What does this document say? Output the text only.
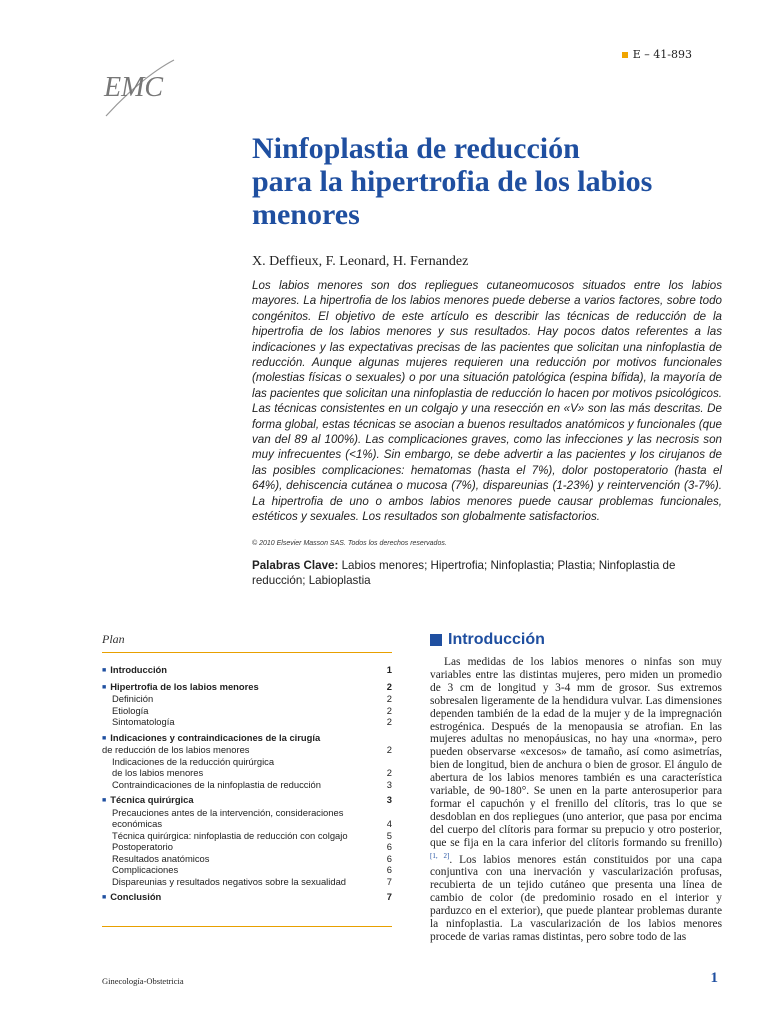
E – 41-893
EMC
Ninfoplastia de reducción
para la hipertrofia de los labios
menores
X. Deffieux, F. Leonard, H. Fernandez
Los labios menores son dos repliegues cutaneomucosos situados entre los labios mayores. La hipertrofia de los labios menores puede deberse a varios factores, sobre todo congénitos. El objetivo de este artículo es describir las técnicas de reducción de la hipertrofia de los labios menores y sus resultados. Hay pocos datos referentes a las indicaciones y las expectativas precisas de las pacientes que solicitan una ninfoplastia de reducción. Aunque algunas mujeres requieren una reducción por motivos funcionales (molestias físicas o sexuales) o por una situación patológica (espina bífida), la mayoría de las pacientes que solicitan una ninfoplastia de reducción lo hacen por motivos psicológicos. Las técnicas consistentes en un colgajo y una resección en «V» son las más descritas. De forma global, estas técnicas se asocian a buenos resultados anatómicos y funcionales (que van del 89 al 100%). Las complicaciones graves, como las infecciones y las necrosis son muy infrecuentes (<1%). Sin embargo, se debe advertir a las pacientes y los cirujanos de las posibles complicaciones: hematomas (hasta el 7%), dolor postoperatorio (hasta el 64%), dehiscencia cutánea o mucosa (7%), dispareunias (1-23%) y reintervención (3-7%). La hipertrofia de uno o ambos labios menores puede causar problemas funcionales, estéticos y sexuales. Los resultados son globalmente satisfactorios.
© 2010 Elsevier Masson SAS. Todos los derechos reservados.
Palabras Clave: Labios menores; Hipertrofia; Ninfoplastia; Plastia; Ninfoplastia de reducción; Labioplastia
Plan
■ Introducción	1
■ Hipertrofia de los labios menores	2
Definición	2
Etiología	2
Sintomatología	2
■ Indicaciones y contraindicaciones de la cirugía
de reducción de los labios menores	2
Indicaciones de la reducción quirúrgica
de los labios menores	2
Contraindicaciones de la ninfoplastia de reducción	3
■ Técnica quirúrgica	3
Precauciones antes de la intervención, consideraciones
económicas	4
Técnica quirúrgica: ninfoplastia de reducción con colgajo	5
Postoperatorio	6
Resultados anatómicos	6
Complicaciones	6
Dispareunias y resultados negativos sobre la sexualidad	7
■ Conclusión	7
Introducción
Las medidas de los labios menores o ninfas son muy variables entre las distintas mujeres, pero miden un promedio de 3 cm de longitud y 3-4 mm de grosor. Sus extremos sobresalen ligeramente de la hendidura vulvar. Las dimensiones dependen también de la edad de la mujer y de la impregnación estrogénica. Después de la menopausia se atrofian. En las mujeres adultas no menopáusicas, no hay una «norma», pero pueden observarse «excesos» de tamaño, así como asimetrías, bien de longitud, bien de anchura o bien de grosor. El ángulo de abertura de los labios menores también es una característica variable, de 90-180°. Se unen en la parte anterosuperior para formar el capuchón y el frenillo del clítoris, tras lo que se desdoblan en dos repliegues (uno anterior, que pasa por encima del cuerpo del clítoris para formar su prepucio y otro posterior, que se fija en la cara inferior del clítoris formando su frenillo) [1, 2]. Los labios menores están constituidos por una capa conjuntiva con una inervación y vascularización profusas, recubierta de un tejido cutáneo que presenta una línea de cambio de color (de predominio rosado en el interior y parduzco en el exterior), que puede plantear problemas durante la ninfoplastia. La vascularización de los labios menores procede de varias ramas distintas, pero sobre todo de las
Ginecología-Obstetricia	1
